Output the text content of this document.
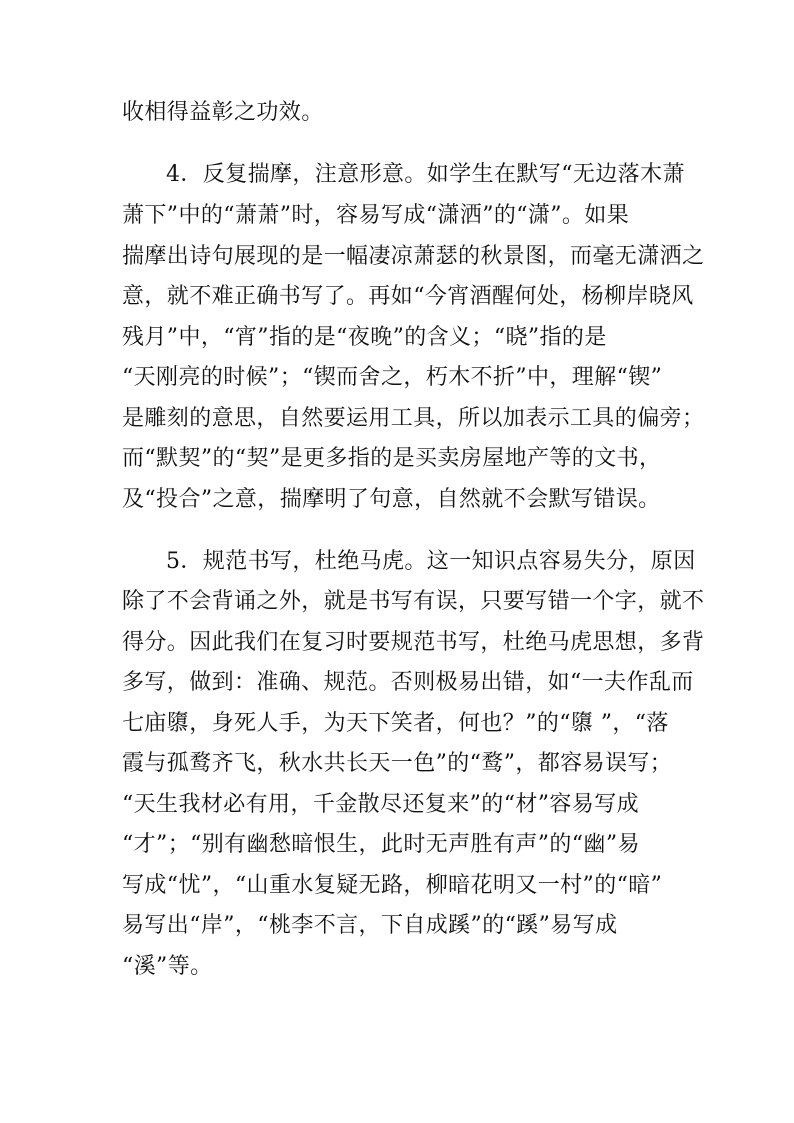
收相得益彰之功效。
4．反复揣摩，注意形意。如学生在默写“无边落木萧
萧下”中的“萧萧”时，容易写成“潇洒”的“潇”。如果
揣摩出诗句展现的是一幅凄凉萧瑟的秋景图，而毫无潇洒之
意，就不难正确书写了。再如“今宵酒醒何处，杨柳岸晓风
残月”中，“宵”指的是“夜晚”的含义；“晓”指的是
“天刚亮的时候”；“锲而舍之，朽木不折”中，理解“锲”
是雕刻的意思，自然要运用工具，所以加表示工具的偏旁；
而“默契”的“契”是更多指的是买卖房屋地产等的文书，
及“投合”之意，揣摩明了句意，自然就不会默写错误。
5．规范书写，杜绝马虎。这一知识点容易失分，原因
除了不会背诵之外，就是书写有误，只要写错一个字，就不
得分。因此我们在复习时要规范书写，杜绝马虎思想，多背
多写，做到：准确、规范。否则极易出错，如“一夫作乱而
七庙隳，身死人手，为天下笑者，何也？”的“隳 ”，“落
霞与孤鹜齐飞，秋水共长天一色”的“鹜”，都容易误写；
“天生我材必有用，千金散尽还复来”的“材”容易写成
“才”；“别有幽愁暗恨生，此时无声胜有声”的“幽”易
写成“忧”，“山重水复疑无路，柳暗花明又一村”的“暗”
易写出“岸”，“桃李不言，下自成蹊”的“蹊”易写成
“溪”等。
